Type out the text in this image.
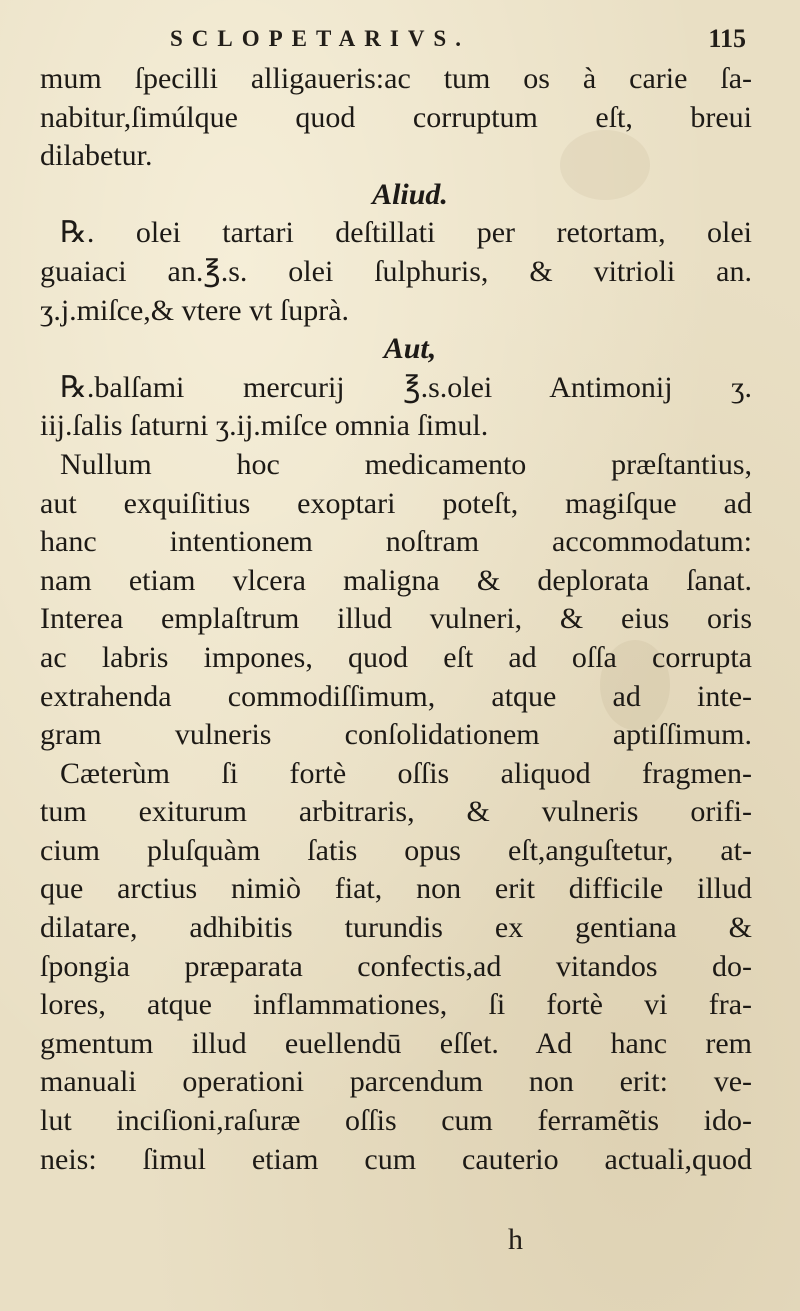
SCLOPETARIVS.	115
mum ſpecilli alligaueris:ac tum os à carie ſa-
nabitur,ſimúlque quod corruptum eſt, breui
dilabetur.
Aliud.
℞. olei tartari deſtillati per retortam, olei
guaiaci an.℥.s. olei ſulphuris, & vitrioli an.
ʒ.j.miſce,& vtere vt ſuprà.
Aut,
℞.balſami mercurij ℥.s.olei Antimonij ʒ.
iij.ſalis ſaturni ʒ.ij.miſce omnia ſimul.
Nullum hoc medicamento præſtantius,
aut exquiſitius exoptari poteſt, magiſque ad
hanc intentionem noſtram accommodatum:
nam etiam vlcera maligna & deplorata ſanat.
Interea emplaſtrum illud vulneri, & eius oris
ac labris impones, quod eſt ad oſſa corrupta
extrahenda commodiſſimum, atque ad inte-
gram vulneris conſolidationem aptiſſimum.
Cæterùm ſi fortè oſſis aliquod fragmen-
tum exiturum arbitraris, & vulneris orifi-
cium pluſquàm ſatis opus eſt,anguſtetur, at-
que arctius nimiò fiat, non erit difficile illud
dilatare, adhibitis turundis ex gentiana &
ſpongia præparata confectis,ad vitandos do-
lores, atque inflammationes, ſi fortè vi fra-
gmentum illud euellendū eſſet. Ad hanc rem
manuali operationi parcendum non erit: ve-
lut inciſioni,raſuræ oſſis cum ferramẽtis ido-
neis: ſimul etiam cum cauterio actuali,quod
h
